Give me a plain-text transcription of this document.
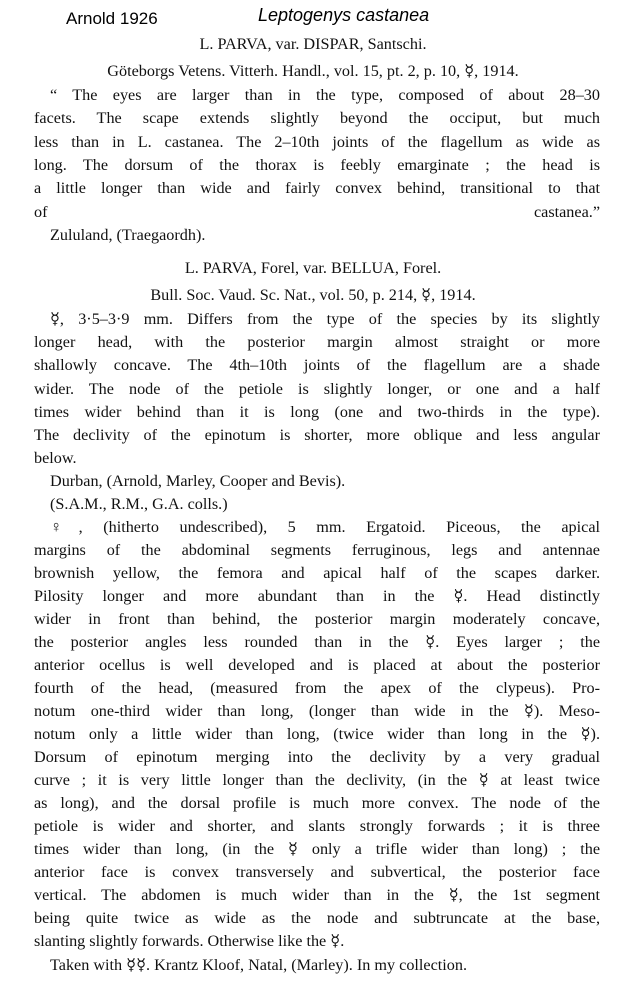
Arnold 1926	Leptogenys castanea
L. PARVA, var. DISPAR, Santschi.
Göteborgs Vetens. Vitterh. Handl., vol. 15, pt. 2, p. 10, ☿, 1914.
“ The eyes are larger than in the type, composed of about 28–30
facets. The scape extends slightly beyond the occiput, but much
less than in L. castanea. The 2–10th joints of the flagellum as wide as
long. The dorsum of the thorax is feebly emarginate ; the head is
a little longer than wide and fairly convex behind, transitional to that
of castanea.”
Zululand, (Traegaordh).
L. PARVA, Forel, var. BELLUA, Forel.
Bull. Soc. Vaud. Sc. Nat., vol. 50, p. 214, ☿, 1914.
☿, 3·5–3·9 mm. Differs from the type of the species by its slightly
longer head, with the posterior margin almost straight or more
shallowly concave. The 4th–10th joints of the flagellum are a shade
wider. The node of the petiole is slightly longer, or one and a half
times wider behind than it is long (one and two-thirds in the type).
The declivity of the epinotum is shorter, more oblique and less angular
below.
Durban, (Arnold, Marley, Cooper and Bevis).
(S.A.M., R.M., G.A. colls.)
♀, (hitherto undescribed), 5 mm. Ergatoid. Piceous, the apical
margins of the abdominal segments ferruginous, legs and antennae
brownish yellow, the femora and apical half of the scapes darker.
Pilosity longer and more abundant than in the ☿. Head distinctly
wider in front than behind, the posterior margin moderately concave,
the posterior angles less rounded than in the ☿. Eyes larger ; the
anterior ocellus is well developed and is placed at about the posterior
fourth of the head, (measured from the apex of the clypeus). Pro-
notum one-third wider than long, (longer than wide in the ☿). Meso-
notum only a little wider than long, (twice wider than long in the ☿).
Dorsum of epinotum merging into the declivity by a very gradual
curve ; it is very little longer than the declivity, (in the ☿ at least twice
as long), and the dorsal profile is much more convex. The node of the
petiole is wider and shorter, and slants strongly forwards ; it is three
times wider than long, (in the ☿ only a trifle wider than long) ; the
anterior face is convex transversely and subvertical, the posterior face
vertical. The abdomen is much wider than in the ☿, the 1st segment
being quite twice as wide as the node and subtruncate at the base,
slanting slightly forwards. Otherwise like the ☿.
Taken with ☿☿. Krantz Kloof, Natal, (Marley). In my collection.
